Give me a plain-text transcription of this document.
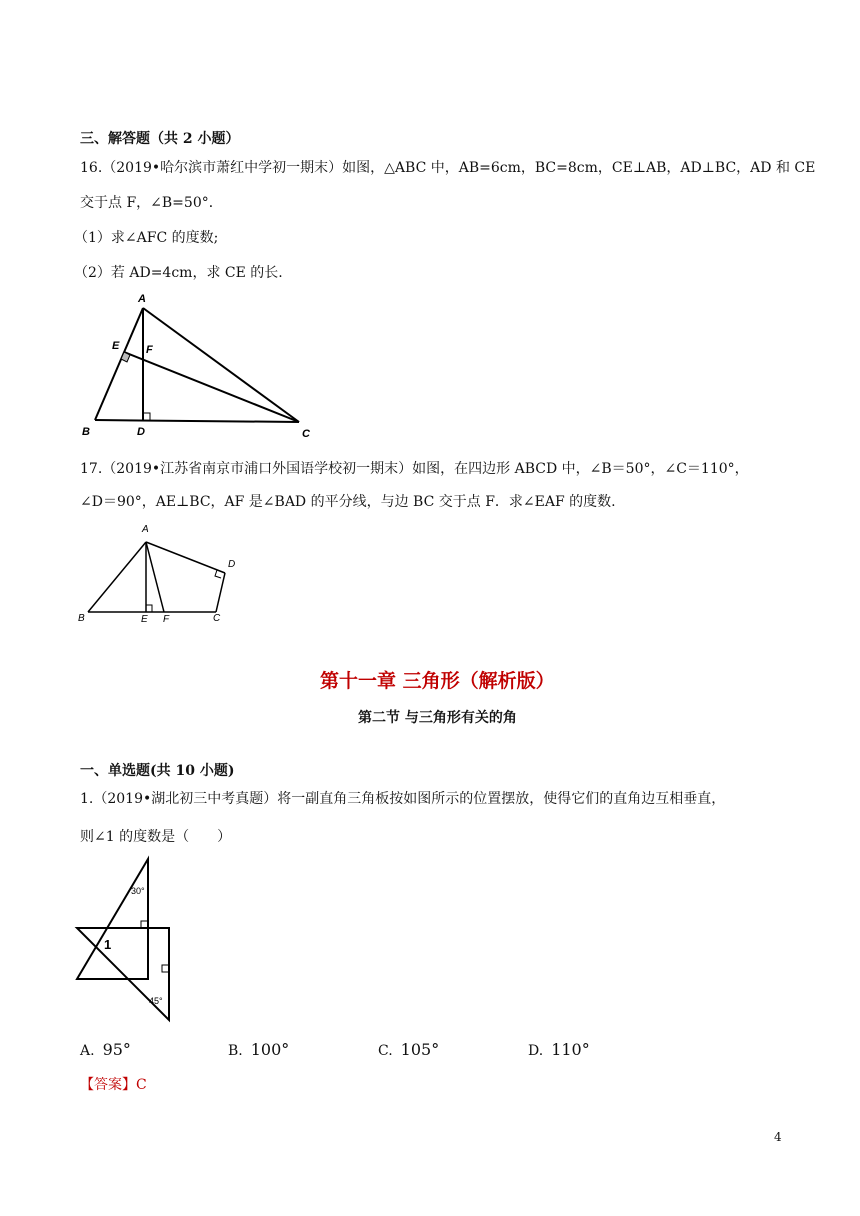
三、解答题（共 2 小题）
16.（2019•哈尔滨市萧红中学初一期末）如图，△ABC 中，AB=6cm，BC=8cm，CE⊥AB，AD⊥BC，AD 和 CE
交于点 F，∠B=50°．
（1）求∠AFC 的度数;
（2）若 AD=4cm，求 CE 的长.
A
B	C
D
E F
17.（2019•江苏省南京市浦口外国语学校初一期末）如图，在四边形 ABCD 中，∠B＝50°，∠C＝110°，
∠D＝90°，AE⊥BC，AF 是∠BAD 的平分线，与边 BC 交于点 F．求∠EAF 的度数.
A
B	C
D
E F
第十一章 三角形（解析版）
第二节 与三角形有关的角
一、单选题(共 10 小题)
1.（2019•湖北初三中考真题）将一副直角三角板按如图所示的位置摆放，使得它们的直角边互相垂直，
则∠1 的度数是（　　）
30°
45°
1
A. 95°	B. 100°	C. 105°	D. 110°
【答案】C
4
